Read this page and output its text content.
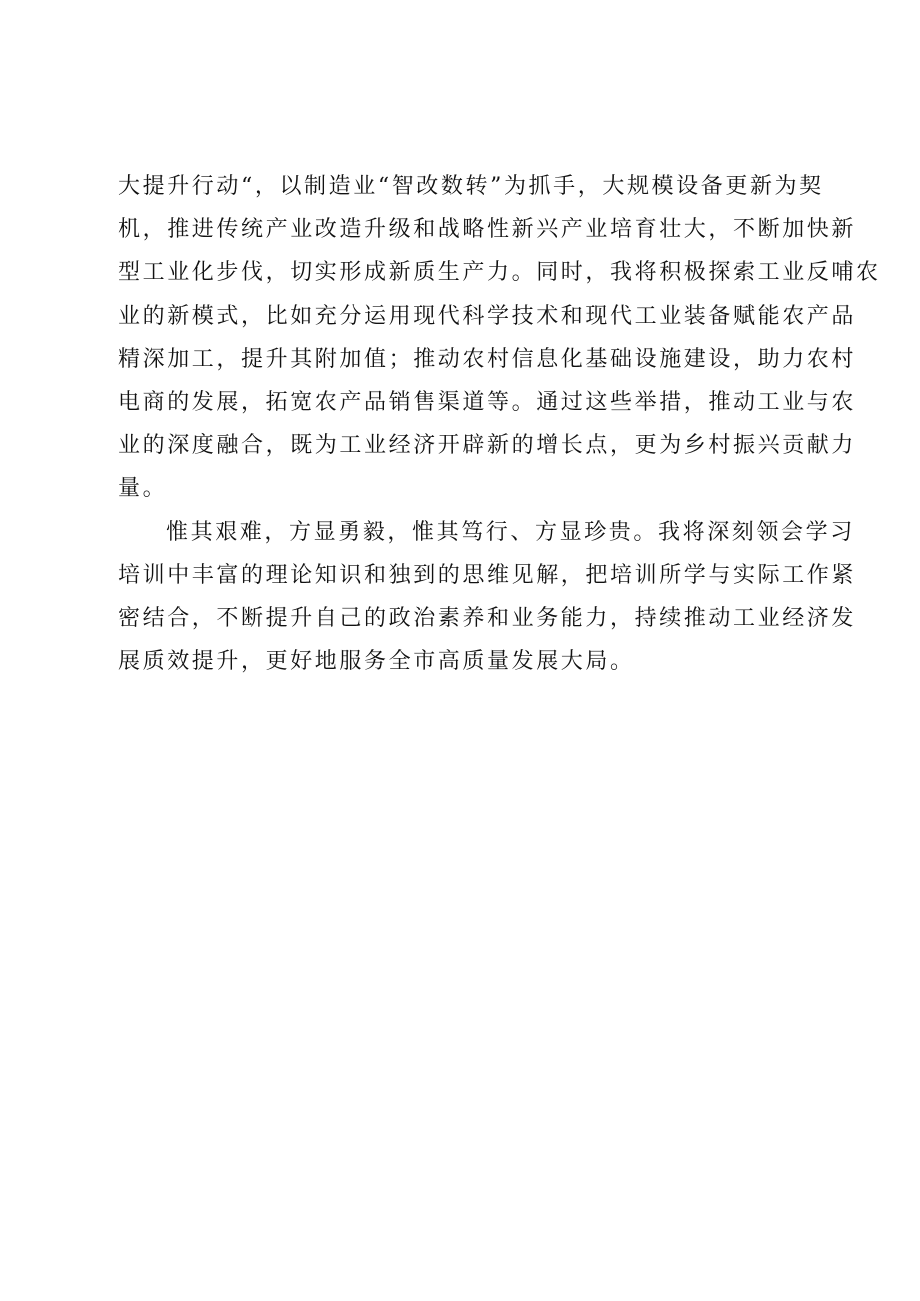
大提升行动“，以制造业“智改数转”为抓手，大规模设备更新为契
机，推进传统产业改造升级和战略性新兴产业培育壮大，不断加快新
型工业化步伐，切实形成新质生产力。同时，我将积极探索工业反哺农
业的新模式，比如充分运用现代科学技术和现代工业装备赋能农产品
精深加工，提升其附加值；推动农村信息化基础设施建设，助力农村
电商的发展，拓宽农产品销售渠道等。通过这些举措，推动工业与农
业的深度融合，既为工业经济开辟新的增长点，更为乡村振兴贡献力
量。
惟其艰难，方显勇毅，惟其笃行、方显珍贵。我将深刻领会学习
培训中丰富的理论知识和独到的思维见解，把培训所学与实际工作紧
密结合，不断提升自己的政治素养和业务能力，持续推动工业经济发
展质效提升，更好地服务全市高质量发展大局。
